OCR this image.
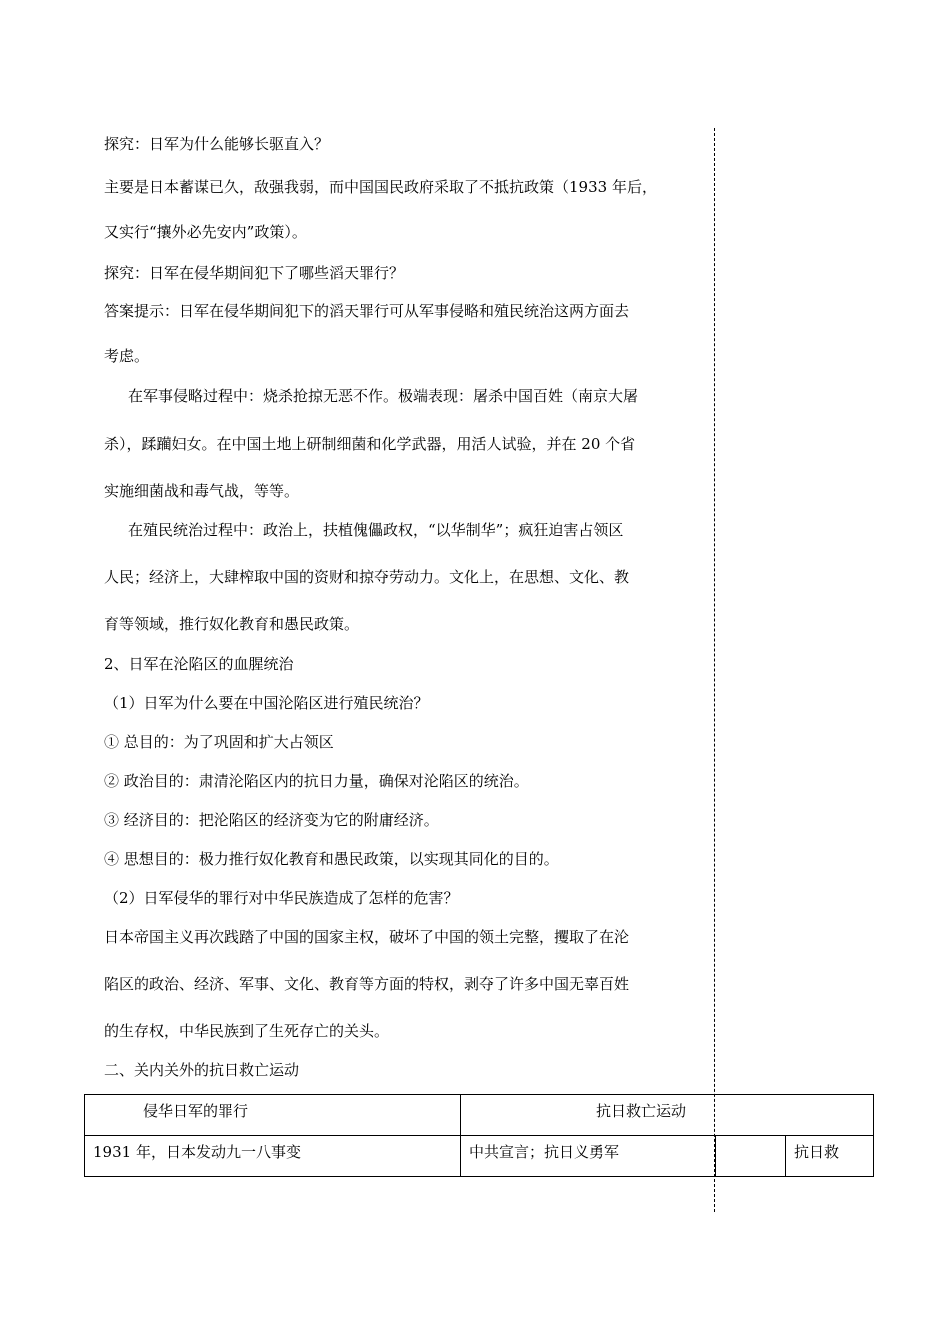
探究：日军为什么能够长驱直入？
主要是日本蓄谋已久，敌强我弱，而中国国民政府采取了不抵抗政策（1933 年后，
又实行“攘外必先安内”政策）。
探究：日军在侵华期间犯下了哪些滔天罪行？
答案提示：日军在侵华期间犯下的滔天罪行可从军事侵略和殖民统治这两方面去
考虑。
在军事侵略过程中：烧杀抢掠无恶不作。极端表现：屠杀中国百姓（南京大屠
杀），蹂躏妇女。在中国土地上研制细菌和化学武器，用活人试验，并在 20 个省
实施细菌战和毒气战，等等。
在殖民统治过程中：政治上，扶植傀儡政权，“以华制华”；疯狂迫害占领区
人民；经济上，大肆榨取中国的资财和掠夺劳动力。文化上，在思想、文化、教
育等领域，推行奴化教育和愚民政策。
2、日军在沦陷区的血腥统治
（1）日军为什么要在中国沦陷区进行殖民统治？
① 总目的：为了巩固和扩大占领区
② 政治目的：肃清沦陷区内的抗日力量，确保对沦陷区的统治。
③ 经济目的：把沦陷区的经济变为它的附庸经济。
④ 思想目的：极力推行奴化教育和愚民政策，以实现其同化的目的。
（2）日军侵华的罪行对中华民族造成了怎样的危害？
日本帝国主义再次践踏了中国的国家主权，破坏了中国的领土完整，攫取了在沦
陷区的政治、经济、军事、文化、教育等方面的特权，剥夺了许多中国无辜百姓
的生存权，中华民族到了生死存亡的关头。
二、关内关外的抗日救亡运动
侵华日军的罪行	抗日救亡运动		
1931 年，日本发动九一八事变	中共宣言；抗日义勇军		抗日救
